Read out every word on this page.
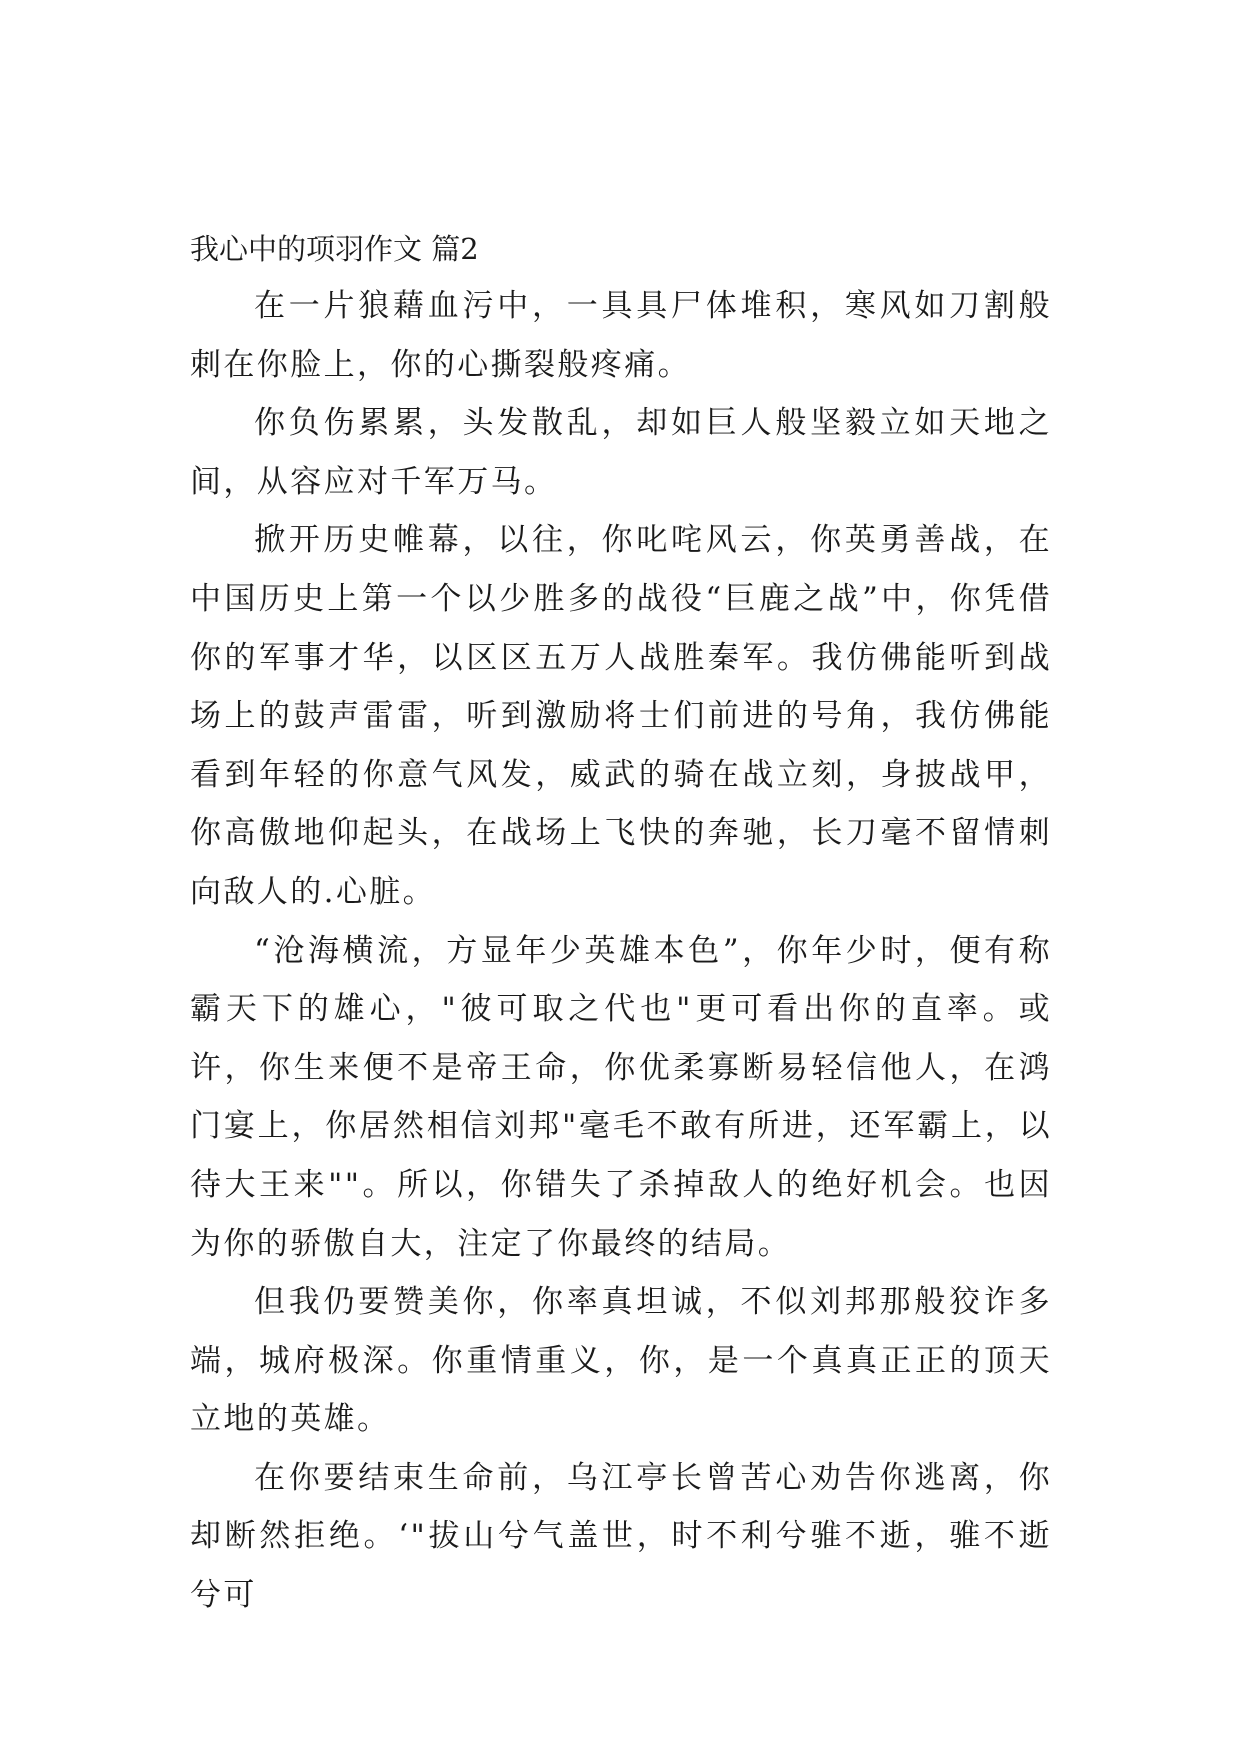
我心中的项羽作文 篇2

在一片狼藉血污中，一具具尸体堆积，寒风如刀割般刺在你脸上，你的心撕裂般疼痛。

你负伤累累，头发散乱，却如巨人般坚毅立如天地之间，从容应对千军万马。

掀开历史帷幕，以往，你叱咤风云，你英勇善战，在中国历史上第一个以少胜多的战役“巨鹿之战”中，你凭借你的军事才华，以区区五万人战胜秦军。我仿佛能听到战场上的鼓声雷雷，听到激励将士们前进的号角，我仿佛能看到年轻的你意气风发，威武的骑在战立刻，身披战甲，你高傲地仰起头，在战场上飞快的奔驰，长刀毫不留情刺向敌人的.心脏。

“沧海横流，方显年少英雄本色”，你年少时，便有称霸天下的雄心，"彼可取之代也"更可看出你的直率。或许，你生来便不是帝王命，你优柔寡断易轻信他人，在鸿门宴上，你居然相信刘邦"毫毛不敢有所进，还军霸上，以待大王来""。所以，你错失了杀掉敌人的绝好机会。也因为你的骄傲自大，注定了你最终的结局。

但我仍要赞美你，你率真坦诚，不似刘邦那般狡诈多端，城府极深。你重情重义，你，是一个真真正正的顶天立地的英雄。

在你要结束生命前，乌江亭长曾苦心劝告你逃离，你却断然拒绝。‘"拔山兮气盖世，时不利兮骓不逝，骓不逝兮可
